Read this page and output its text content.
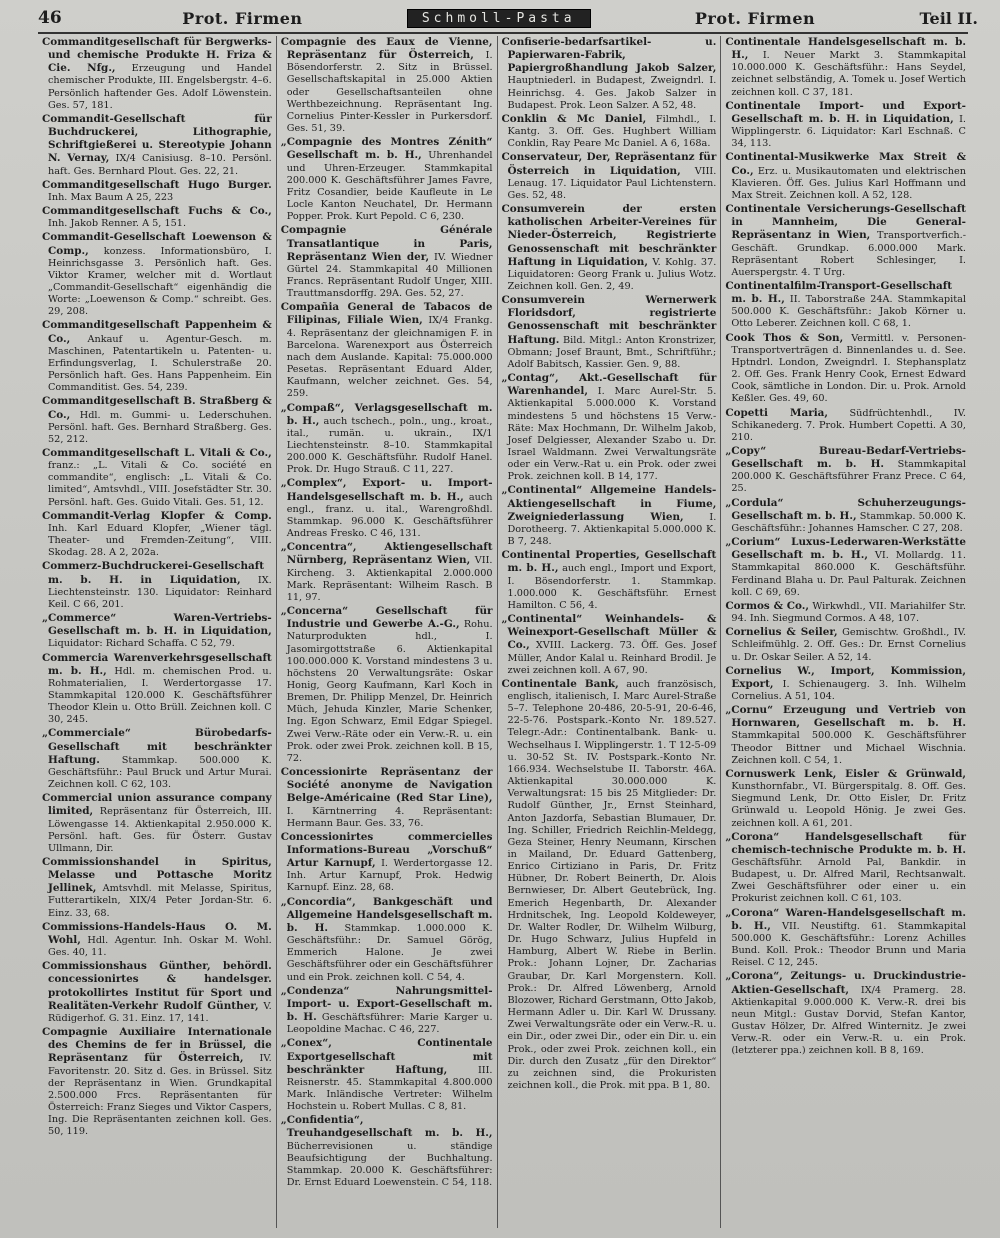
46	Prot. Firmen	Schmoll-Pasta	Prot. Firmen	Teil II.

Commanditgesellschaft für Bergwerks- und chemische Produkte H. Friza & Cie. Nfg., Erzeugung und Handel chemischer Produkte, III. Engelsbergstr. 4–6. Persönlich haftender Ges. Adolf Löwenstein. Ges. 57, 181.

Commandit-Gesellschaft für Buchdruckerei, Lithographie, Schriftgießerei u. Stereotypie Johann N. Vernay, IX/4 Canisiusg. 8–10. Persönl. haft. Ges. Bernhard Plout. Ges. 22, 21.

Commanditgesellschaft Hugo Burger. Inh. Max Baum A 25, 223

Commanditgesellschaft Fuchs & Co., Inh. Jakob Renner. A 5, 151.

Commandit-Gesellschaft Loewenson & Comp., konzess. Informationsbüro, I. Heinrichsgasse 3. Persönlich haft. Ges. Viktor Kramer, welcher mit d. Wortlaut „Commandit-Gesellschaft“ eigenhändig die Worte: „Loewenson & Comp.“ schreibt. Ges. 29, 208.

Commanditgesellschaft Pappenheim & Co., Ankauf u. Agentur-Gesch. m. Maschinen, Patentartikeln u. Patenten- u. Erfindungsverlag, I. Schulerstraße 20. Persönlich haft. Ges. Hans Pappenheim. Ein Commanditist. Ges. 54, 239.

Commanditgesellschaft B. Straßberg & Co., Hdl. m. Gummi- u. Lederschuhen. Persönl. haft. Ges. Bernhard Straßberg. Ges. 52, 212.

Commanditgesellschaft L. Vitali & Co., franz.: „L. Vitali & Co. société en commandite“, englisch: „L. Vitali & Co. limited“, Amtsvhdl., VIII. Josefstädter Str. 30. Persönl. haft. Ges. Guido Vitali. Ges. 51, 12.

Commandit-Verlag Klopfer & Comp. Inh. Karl Eduard Klopfer, „Wiener tägl. Theater- und Fremden-Zeitung“, VIII. Skodag. 28. A 2, 202a.

Commerz-Buchdruckerei-Gesellschaft m. b. H. in Liquidation, IX. Liechtensteinstr. 130. Liquidator: Reinhard Keil. C 66, 201.

„Commerce“ Waren-Vertriebs-Gesellschaft m. b. H. in Liquidation, Liquidator: Richard Schaffa. C 52, 79.

Commercia Warenverkehrsgesellschaft m. b. H., Hdl. m. chemischen Prod. u. Rohmaterialien, I. Werdertorgasse 17. Stammkapital 120.000 K. Geschäftsführer Theodor Klein u. Otto Brüll. Zeichnen koll. C 30, 245.

„Commerciale“ Bürobedarfs-Gesellschaft mit beschränkter Haftung. Stammkap. 500.000 K. Geschäftsführ.: Paul Bruck und Artur Murai. Zeichnen koll. C 62, 103.

Commercial union assurance company limited, Repräsentanz für Österreich, III. Löwengasse 14. Aktienkapital 2.950.000 K. Persönl. haft. Ges. für Österr. Gustav Ullmann, Dir.

Commissionshandel in Spiritus, Melasse und Pottasche Moritz Jellinek, Amtsvhdl. mit Melasse, Spiritus, Futterartikeln, XIX/4 Peter Jordan-Str. 6. Einz. 33, 68.

Commissions-Handels-Haus O. M. Wohl, Hdl. Agentur. Inh. Oskar M. Wohl. Ges. 40, 11.

Commissionshaus Günther, behördl. concessionirtes & handelsger. protokollirtes Institut für Sport und Realitäten-Verkehr Rudolf Günther, V. Rüdigerhof. G. 31. Einz. 17, 141.

Compagnie Auxiliaire Internationale des Chemins de fer in Brüssel, die Repräsentanz für Österreich, IV. Favoritenstr. 20. Sitz d. Ges. in Brüssel. Sitz der Repräsentanz in Wien. Grundkapital 2.500.000 Frcs. Repräsentanten für Österreich: Franz Sieges und Viktor Caspers, Ing. Die Repräsentanten zeichnen koll. Ges. 50, 119.

Compagnie des Eaux de Vienne, Repräsentanz für Österreich, I. Bösendorferstr. 2. Sitz in Brüssel. Gesellschaftskapital in 25.000 Aktien oder Gesellschaftsanteilen ohne Werthbezeichnung. Repräsentant Ing. Cornelius Pinter-Kessler in Purkersdorf. Ges. 51, 39.

„Compagnie des Montres Zénith“ Gesellschaft m. b. H., Uhrenhandel und Uhren-Erzeuger. Stammkapital 200.000 K. Geschäftsführer James Favre, Fritz Cosandier, beide Kaufleute in Le Locle Kanton Neuchatel, Dr. Hermann Popper. Prok. Kurt Pepold. C 6, 230.

Compagnie Générale Transatlantique in Paris, Repräsentanz Wien der, IV. Wiedner Gürtel 24. Stammkapital 40 Millionen Francs. Repräsentant Rudolf Unger, XIII. Trauttmansdorffg. 29A. Ges. 52, 27.

Compañia General de Tabacos de Filipinas, Filiale Wien, IX/4 Frankg. 4. Repräsentanz der gleichnamigen F. in Barcelona. Warenexport aus Österreich nach dem Auslande. Kapital: 75.000.000 Pesetas. Repräsentant Eduard Alder, Kaufmann, welcher zeichnet. Ges. 54, 259.

„Compaß“, Verlagsgesellschaft m. b. H., auch tschech., poln., ung., kroat., ital., rumän. u. ukrain., IX/1 Liechtensteinstr. 8–10. Stammkapital 200.000 K. Geschäftsführ. Rudolf Hanel. Prok. Dr. Hugo Strauß. C 11, 227.

„Complex“, Export- u. Import-Handelsgesellschaft m. b. H., auch engl., franz. u. ital., Warengroßhdl. Stammkap. 96.000 K. Geschäftsführer Andreas Fresko. C 46, 131.

„Concentra“, Aktiengesellschaft Nürnberg, Repräsentanz Wien, VII. Kircheng. 3. Aktienkapital 2.000.000 Mark. Repräsentant: Wilheim Rasch. B 11, 97.

„Concerna“ Gesellschaft für Industrie und Gewerbe A.-G., Rohu. Naturprodukten hdl., I. Jasomirgottstraße 6. Aktienkapital 100.000.000 K. Vorstand mindestens 3 u. höchstens 20 Verwaltungsräte: Oskar Honig, Georg Kaufmann, Karl Koch in Bremen, Dr. Philipp Menzel, Dr. Heinrich Müch, Jehuda Kinzler, Marie Schenker, Ing. Egon Schwarz, Emil Edgar Spiegel. Zwei Verw.-Räte oder ein Verw.-R. u. ein Prok. oder zwei Prok. zeichnen koll. B 15, 72.

Concessionirte Repräsentanz der Société anonyme de Navigation Belge-Américaine (Red Star Line), I. Kärntnerring 4. Repräsentant: Hermann Baur. Ges. 33, 76.

Concessionirtes commercielles Informations-Bureau „Vorschuß“ Artur Karnupf, I. Werdertorgasse 12. Inh. Artur Karnupf, Prok. Hedwig Karnupf. Einz. 28, 68.

„Concordia“, Bankgeschäft und Allgemeine Handelsgesellschaft m. b. H. Stammkap. 1.000.000 K. Geschäftsführ.: Dr. Samuel Görög, Emmerich Halone. Je zwei Geschäftsführer oder ein Geschäftsführer und ein Prok. zeichnen koll. C 54, 4.

„Condenza“ Nahrungsmittel-Import- u. Export-Gesellschaft m. b. H. Geschäftsführer: Marie Karger u. Leopoldine Machac. C 46, 227.

„Conex“, Continentale Exportgesellschaft mit beschränkter Haftung,	III. Reisnerstr. 45. Stammkapital 4.800.000 Mark. Inländische Vertreter: Wilhelm Hochstein u. Robert Mullas. C 8, 81.

„Confidentia“, Treuhandgesellschaft m. b. H., Bücherrevisionen u. ständige Beaufsichtigung der Buchhaltung. Stammkap. 20.000 K. Geschäftsführer: Dr. Ernst Eduard Loewenstein. C 54, 118.

Confiserie-bedarfsartikel- u. Papierwaren-Fabrik, Papiergroßhandlung Jakob Salzer, Hauptniederl. in Budapest, Zweigndrl. I. Heinrichsg. 4. Ges. Jakob Salzer in Budapest. Prok. Leon Salzer. A 52, 48.

Conklin & Mc Daniel, Filmhdl., I. Kantg. 3. Off. Ges. Hughbert William Conklin, Ray Peare Mc Daniel. A 6, 168a.

Conservateur, Der, Repräsentanz für Österreich in Liquidation, VIII. Lenaug. 17. Liquidator Paul Lichtenstern. Ges. 52, 48.

Consumverein der ersten katholischen Arbeiter-Vereines für Nieder-Österreich, Registrierte Genossenschaft mit beschränkter Haftung in Liquidation, V. Kohlg. 37. Liquidatoren: Georg Frank u. Julius Wotz. Zeichnen koll. Gen. 2, 49.

Consumverein Wernerwerk Floridsdorf, registrierte Genossenschaft mit beschränkter Haftung. Bild. Mitgl.: Anton Kronstrizer, Obmann; Josef Braunt, Bmt., Schriftführ.; Adolf Babitsch, Kassier. Gen. 9, 88.

„Contag“, Akt.-Gesellschaft für Warenhandel, I. Marc Aurel-Str. 5. Aktienkapital 5.000.000 K. Vorstand mindestens 5 und höchstens 15 Verw.-Räte: Max Hochmann, Dr. Wilhelm Jakob, Josef Delgiesser, Alexander Szabo u. Dr. Israel Waldmann. Zwei Verwaltungsräte oder ein Verw.-Rat u. ein Prok. oder zwei Prok. zeichnen koll. B 14, 177.

„Continental“ Allgemeine Handels-Aktiengesellschaft in Fiume, Zweigniederlassung Wien,	I. Dorotheerg. 7. Aktienkapital 5.000.000 K. B 7, 248.

Continental Properties, Gesellschaft m. b. H., auch engl., Import und Export, I. Bösendorferstr. 1. Stammkap. 1.000.000 K. Geschäftsführ. Ernest Hamilton. C 56, 4.

„Continental“ Weinhandels- & Weinexport-Gesellschaft Müller & Co., XVIII. Lackerg. 73. Öff. Ges. Josef Müller, Andor Kalal u. Reinhard Brodil. Je zwei zeichnen koll. A 67, 90.

Continentale Bank, auch französisch, englisch, italienisch, I. Marc Aurel-Straße 5–7. Telephone 20-486, 20-5-91, 20-6-46, 22-5-76. Postspark.-Konto Nr. 189.527. Telegr.-Adr.: Continentalbank. Bank- u. Wechselhaus I. Wipplingerstr. 1. T 12-5-09 u. 30-52 St. IV. Postspark.-Konto Nr. 166.934. Wechselstube II. Taborstr. 46A. Aktienkapital 30.000.000 K. Verwaltungsrat: 15 bis 25 Mitglieder: Dr. Rudolf Günther, Jr., Ernst Steinhard, Anton Jazdorfa, Sebastian Blumauer, Dr. Ing. Schiller, Friedrich Reichlin-Meldegg, Geza Steiner, Henry Neumann, Kirschen in Mailand, Dr. Eduard Gattenberg, Enrico Cirtiziano in Paris, Dr. Fritz Hübner, Dr. Robert Beinerth, Dr. Alois Bernwieser, Dr. Albert Geutebrück, Ing. Emerich Hegenbarth, Dr. Alexander Hrdnitschek, Ing. Leopold Koldeweyer, Dr. Walter Rodler, Dr. Wilhelm Wilburg, Dr. Hugo Schwarz, Julius Hupfeld in Hamburg, Albert W. Riebe in Berlin. Prok.: Johann Lojner, Dr. Zacharias Graubar, Dr. Karl Morgenstern. Koll. Prok.: Dr. Alfred Löwenberg, Arnold Blozower, Richard Gerstmann, Otto Jakob, Hermann Adler u. Dir. Karl W. Drussany. Zwei Verwaltungsräte oder ein Verw.-R. u. ein Dir., oder zwei Dir., oder ein Dir. u. ein Prok., oder zwei Prok. zeichnen koll., ein Dir. durch den Zusatz „für den Direktor“ zu zeichnen sind, die Prokuristen zeichnen koll., die Prok. mit ppa. B 1, 80.

Continentale Handelsgesellschaft m. b. H., I. Neuer Markt 3. Stammkapital 10.000.000 K. Geschäftsführ.: Hans Seydel, zeichnet selbständig, A. Tomek u. Josef Wertich zeichnen koll. C 37, 181.

Continentale Import- und Export-Gesellschaft m. b. H. in Liquidation, I. Wipplingerstr. 6. Liquidator: Karl Eschnaß. C 34, 113.

Continental-Musikwerke Max Streit & Co., Erz. u. Musikautomaten und elektrischen Klavieren. Öff. Ges. Julius Karl Hoffmann und Max Streit. Zeichnen koll. A 52, 128.

Continentale Versicherungs-Gesellschaft in Mannheim, Die General-Repräsentanz in Wien, Transportverfich.-Geschäft. Grundkap. 6.000.000 Mark. Repräsentant Robert Schlesinger, I. Auerspergstr. 4. T Urg.

Continentalfilm-Transport-Gesellschaft m. b. H., II. Taborstraße 24A. Stammkapital 500.000 K. Geschäftsführ.: Jakob Körner u. Otto Leberer. Zeichnen koll. C 68, 1.

Cook Thos & Son, Vermittl. v. Personen-Transportverträgen d. Binnenlandes u. d. See. Hptndrl. London, Zweigndrl. I. Stephansplatz 2. Off. Ges. Frank Henry Cook, Ernest Edward Cook, sämtliche in London. Dir. u. Prok. Arnold Keßler. Ges. 49, 60.

Copetti Maria, Südfrüchtenhdl., IV. Schikanederg. 7. Prok. Humbert Copetti. A 30, 210.

„Copy“ Bureau-Bedarf-Vertriebs-Gesellschaft m. b. H. Stammkapital 200.000 K. Geschäftsführer Franz Prece. C 64, 25.

„Cordula“ Schuherzeugungs-Gesellschaft m. b. H., Stammkap. 50.000 K. Geschäftsführ.: Johannes Hamscher. C 27, 208.

„Corium“ Luxus-Lederwaren-Werkstätte Gesellschaft m. b. H., VI. Mollardg. 11. Stammkapital 860.000 K. Geschäftsführ. Ferdinand Blaha u. Dr. Paul Palturak. Zeichnen koll. C 69, 69.

Cormos & Co., Wirkwhdl., VII. Mariahilfer Str. 94. Inh. Siegmund Cormos. A 48, 107.

Cornelius & Seiler, Gemischtw. Großhdl., IV. Schleifmühlg. 2. Off. Ges.: Dr. Ernst Cornelius u. Dr. Oskar Seiler. A 52, 14.

Cornelius W., Import, Kommission, Export, I. Schienaugerg. 3. Inh. Wilhelm Cornelius. A 51, 104.

„Cornu“ Erzeugung und Vertrieb von Hornwaren, Gesellschaft m. b. H. Stammkapital 500.000 K. Geschäftsführer Theodor Bittner und Michael Wischnia. Zeichnen koll. C 54, 1.

Cornuswerk Lenk, Eisler & Grünwald, Kunsthornfabr., VI. Bürgerspitalg. 8. Off. Ges. Siegmund Lenk, Dr. Otto Eisler, Dr. Fritz Grünwald u. Leopold Hönig. Je zwei Ges. zeichnen koll. A 61, 201.

„Corona“ Handelsgesellschaft für chemisch-technische Produkte m. b. H. Geschäftsführ. Arnold Pal, Bankdir. in Budapest, u. Dr. Alfred Maril, Rechtsanwalt. Zwei Geschäftsführer oder einer u. ein Prokurist zeichnen koll. C 61, 103.

„Corona“ Waren-Handelsgesellschaft m. b. H., VII. Neustiftg. 61. Stammkapital 500.000 K. Geschäftsführ.: Lorenz Achilles Bund. Koll. Prok.: Theodor Brunn und Maria Reisel. C 12, 245.

„Corona“, Zeitungs- u. Druckindustrie-Aktien-Gesellschaft, IX/4 Pramerg. 28. Aktienkapital 9.000.000 K. Verw.-R. drei bis neun Mitgl.: Gustav Dorvid, Stefan Kantor, Gustav Hölzer, Dr. Alfred Winternitz. Je zwei Verw.-R. oder ein Verw.-R. u. ein Prok. (letzterer ppa.) zeichnen koll. B 8, 169.
